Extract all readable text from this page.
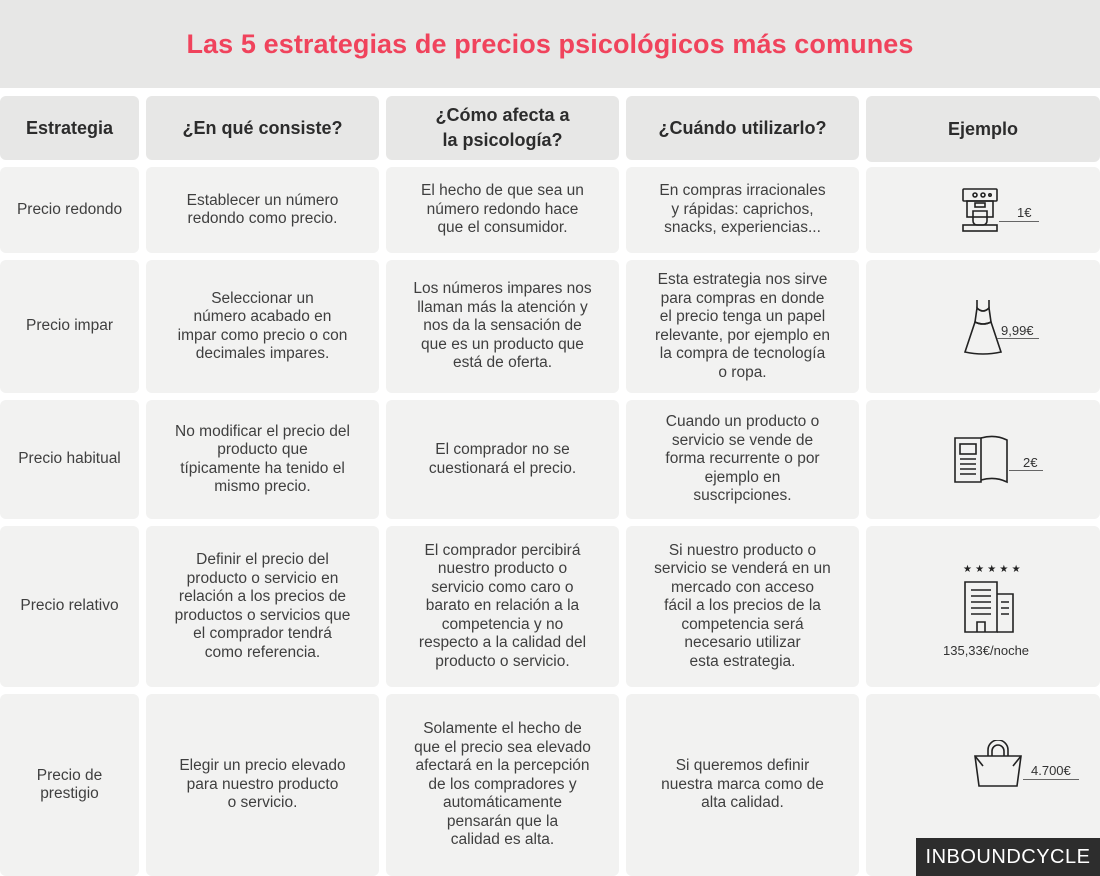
Las 5 estrategias de precios psicológicos más comunes
Estrategia	¿En qué consiste?
¿Cómo afecta a
la psicología?
¿Cuándo utilizarlo?	Ejemplo
Precio redondo
Establecer un número
redondo como precio.
El hecho de que sea un
número redondo hace
que el consumidor.
En compras irracionales
y rápidas: caprichos,
snacks, experiencias...
1€
Precio impar
Seleccionar un
número acabado en
impar como precio o con
decimales impares.
Los números impares nos
llaman más la atención y
nos da la sensación de
que es un producto que
está de oferta.
Esta estrategia nos sirve
para compras en donde
el precio tenga un papel
relevante, por ejemplo en
la compra de tecnología
o ropa.
9,99€
Precio habitual
No modificar el precio del
producto que
típicamente ha tenido el
mismo precio.
El comprador no se
cuestionará el precio.
Cuando un producto o
servicio se vende de
forma recurrente o por
ejemplo en
suscripciones.
2€
Precio relativo
Definir el precio del
producto o servicio en
relación a los precios de
productos o servicios que
el comprador tendrá
como referencia.
El comprador percibirá
nuestro producto o
servicio como caro o
barato en relación a la
competencia y no
respecto a la calidad del
producto o servicio.
Si nuestro producto o
servicio se venderá en un
mercado con acceso
fácil a los precios de la
competencia será
necesario utilizar
esta estrategia.
★ ★ ★ ★ ★
135,33€/noche
Precio de
prestigio
Elegir un precio elevado
para nuestro producto
o servicio.
Solamente el hecho de
que el precio sea elevado
afectará en la percepción
de los compradores y
automáticamente
pensarán que la
calidad es alta.
Si queremos definir
nuestra marca como de
alta calidad.
4.700€
INBOUNDCYCLE
